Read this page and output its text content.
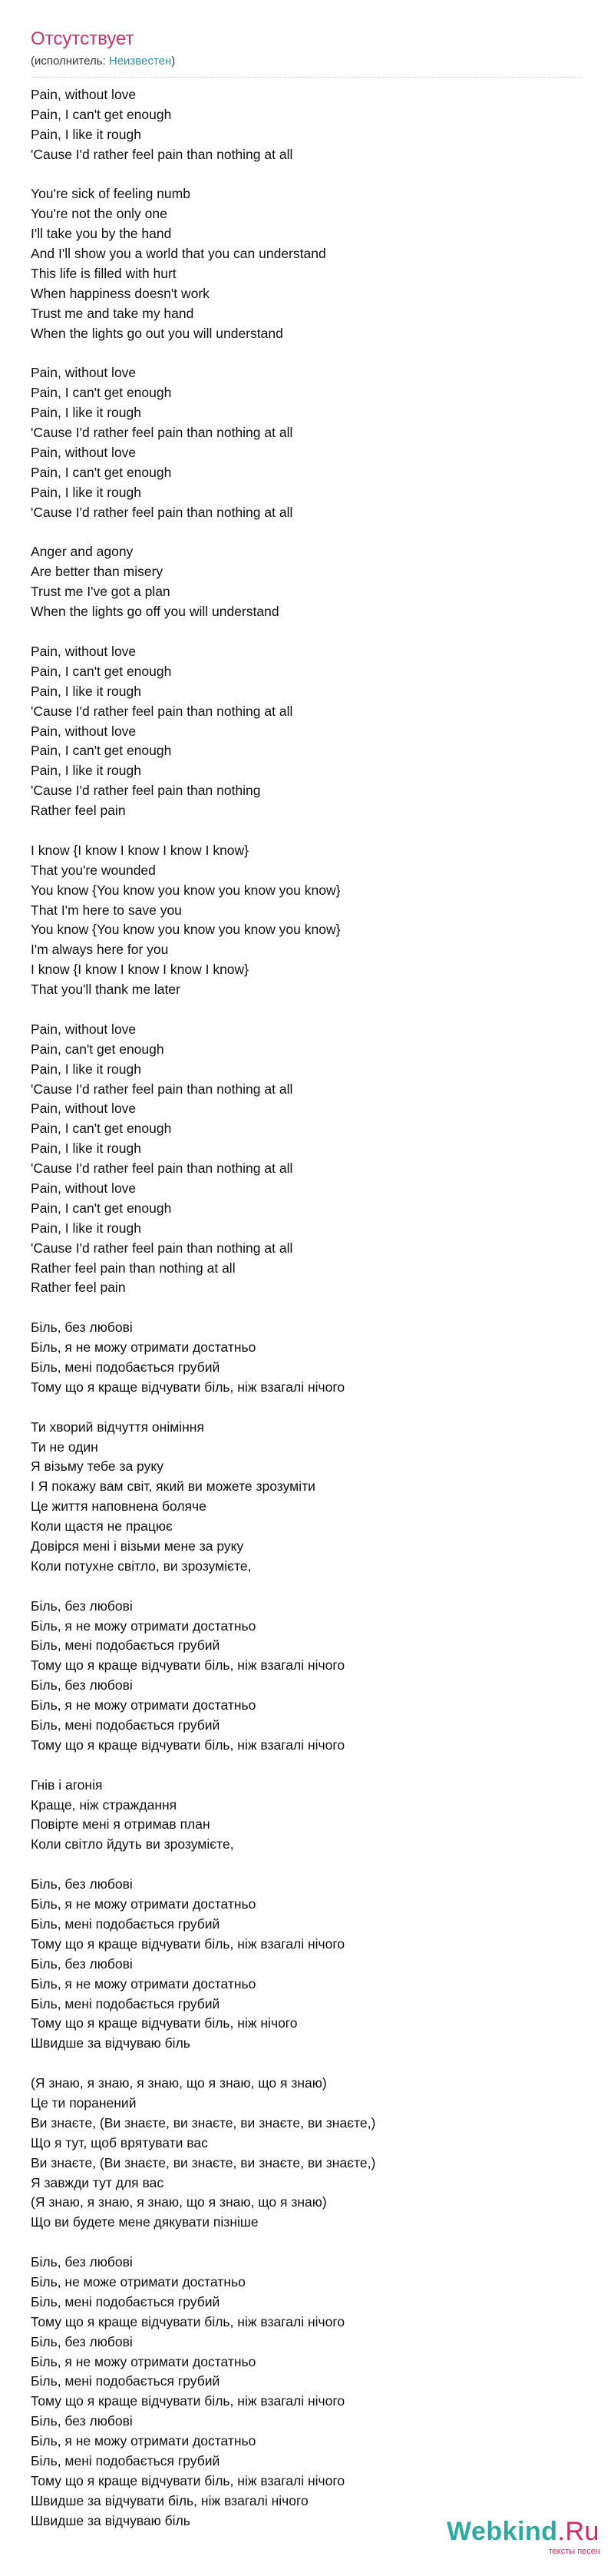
Отсутствует
(исполнитель: Неизвестен)
Pain, without love
Pain, I can't get enough
Pain, I like it rough
'Cause I'd rather feel pain than nothing at all
You're sick of feeling numb
You're not the only one
I'll take you by the hand
And I'll show you a world that you can understand
This life is filled with hurt
When happiness doesn't work
Trust me and take my hand
When the lights go out you will understand
Pain, without love
Pain, I can't get enough
Pain, I like it rough
'Cause I'd rather feel pain than nothing at all
Pain, without love
Pain, I can't get enough
Pain, I like it rough
'Cause I'd rather feel pain than nothing at all
Anger and agony
Are better than misery
Trust me I've got a plan
When the lights go off you will understand
Pain, without love
Pain, I can't get enough
Pain, I like it rough
'Cause I'd rather feel pain than nothing at all
Pain, without love
Pain, I can't get enough
Pain, I like it rough
'Cause I'd rather feel pain than nothing
Rather feel pain
I know {I know I know I know I know}
That you're wounded
You know {You know you know you know you know}
That I'm here to save you
You know {You know you know you know you know}
I'm always here for you
I know {I know I know I know I know}
That you'll thank me later
Pain, without love
Pain, can't get enough
Pain, I like it rough
'Cause I'd rather feel pain than nothing at all
Pain, without love
Pain, I can't get enough
Pain, I like it rough
'Cause I'd rather feel pain than nothing at all
Pain, without love
Pain, I can't get enough
Pain, I like it rough
'Cause I'd rather feel pain than nothing at all
Rather feel pain than nothing at all
Rather feel pain
Біль, без любові
Біль, я не можу отримати достатньо
Біль, мені подобається грубий
Тому що я краще відчувати біль, ніж взагалі нічого
Ти хворий відчуття оніміння
Ти не один
Я візьму тебе за руку
І Я покажу вам світ, який ви можете зрозуміти
Це життя наповнена боляче
Коли щастя не працює
Довірся мені і візьми мене за руку
Коли потухне світло, ви зрозумієте,
Біль, без любові
Біль, я не можу отримати достатньо
Біль, мені подобається грубий
Тому що я краще відчувати біль, ніж взагалі нічого
Біль, без любові
Біль, я не можу отримати достатньо
Біль, мені подобається грубий
Тому що я краще відчувати біль, ніж взагалі нічого
Гнів і агонія
Краще, ніж страждання
Повірте мені я отримав план
Коли світло йдуть ви зрозумієте,
Біль, без любові
Біль, я не можу отримати достатньо
Біль, мені подобається грубий
Тому що я краще відчувати біль, ніж взагалі нічого
Біль, без любові
Біль, я не можу отримати достатньо
Біль, мені подобається грубий
Тому що я краще відчувати біль, ніж нічого
Швидше за відчуваю біль
(Я знаю, я знаю, я знаю, що я знаю, що я знаю)
Це ти поранений
Ви знаєте, (Ви знаєте, ви знаєте, ви знаєте, ви знаєте,)
Що я тут, щоб врятувати вас
Ви знаєте, (Ви знаєте, ви знаєте, ви знаєте, ви знаєте,)
Я завжди тут для вас
(Я знаю, я знаю, я знаю, що я знаю, що я знаю)
Що ви будете мене дякувати пізніше
Біль, без любові
Біль, не може отримати достатньо
Біль, мені подобається грубий
Тому що я краще відчувати біль, ніж взагалі нічого
Біль, без любові
Біль, я не можу отримати достатньо
Біль, мені подобається грубий
Тому що я краще відчувати біль, ніж взагалі нічого
Біль, без любові
Біль, я не можу отримати достатньо
Біль, мені подобається грубий
Тому що я краще відчувати біль, ніж взагалі нічого
Швидше за відчувати біль, ніж взагалі нічого
Швидше за відчуваю біль	Webkind.Ru
тексты песен
